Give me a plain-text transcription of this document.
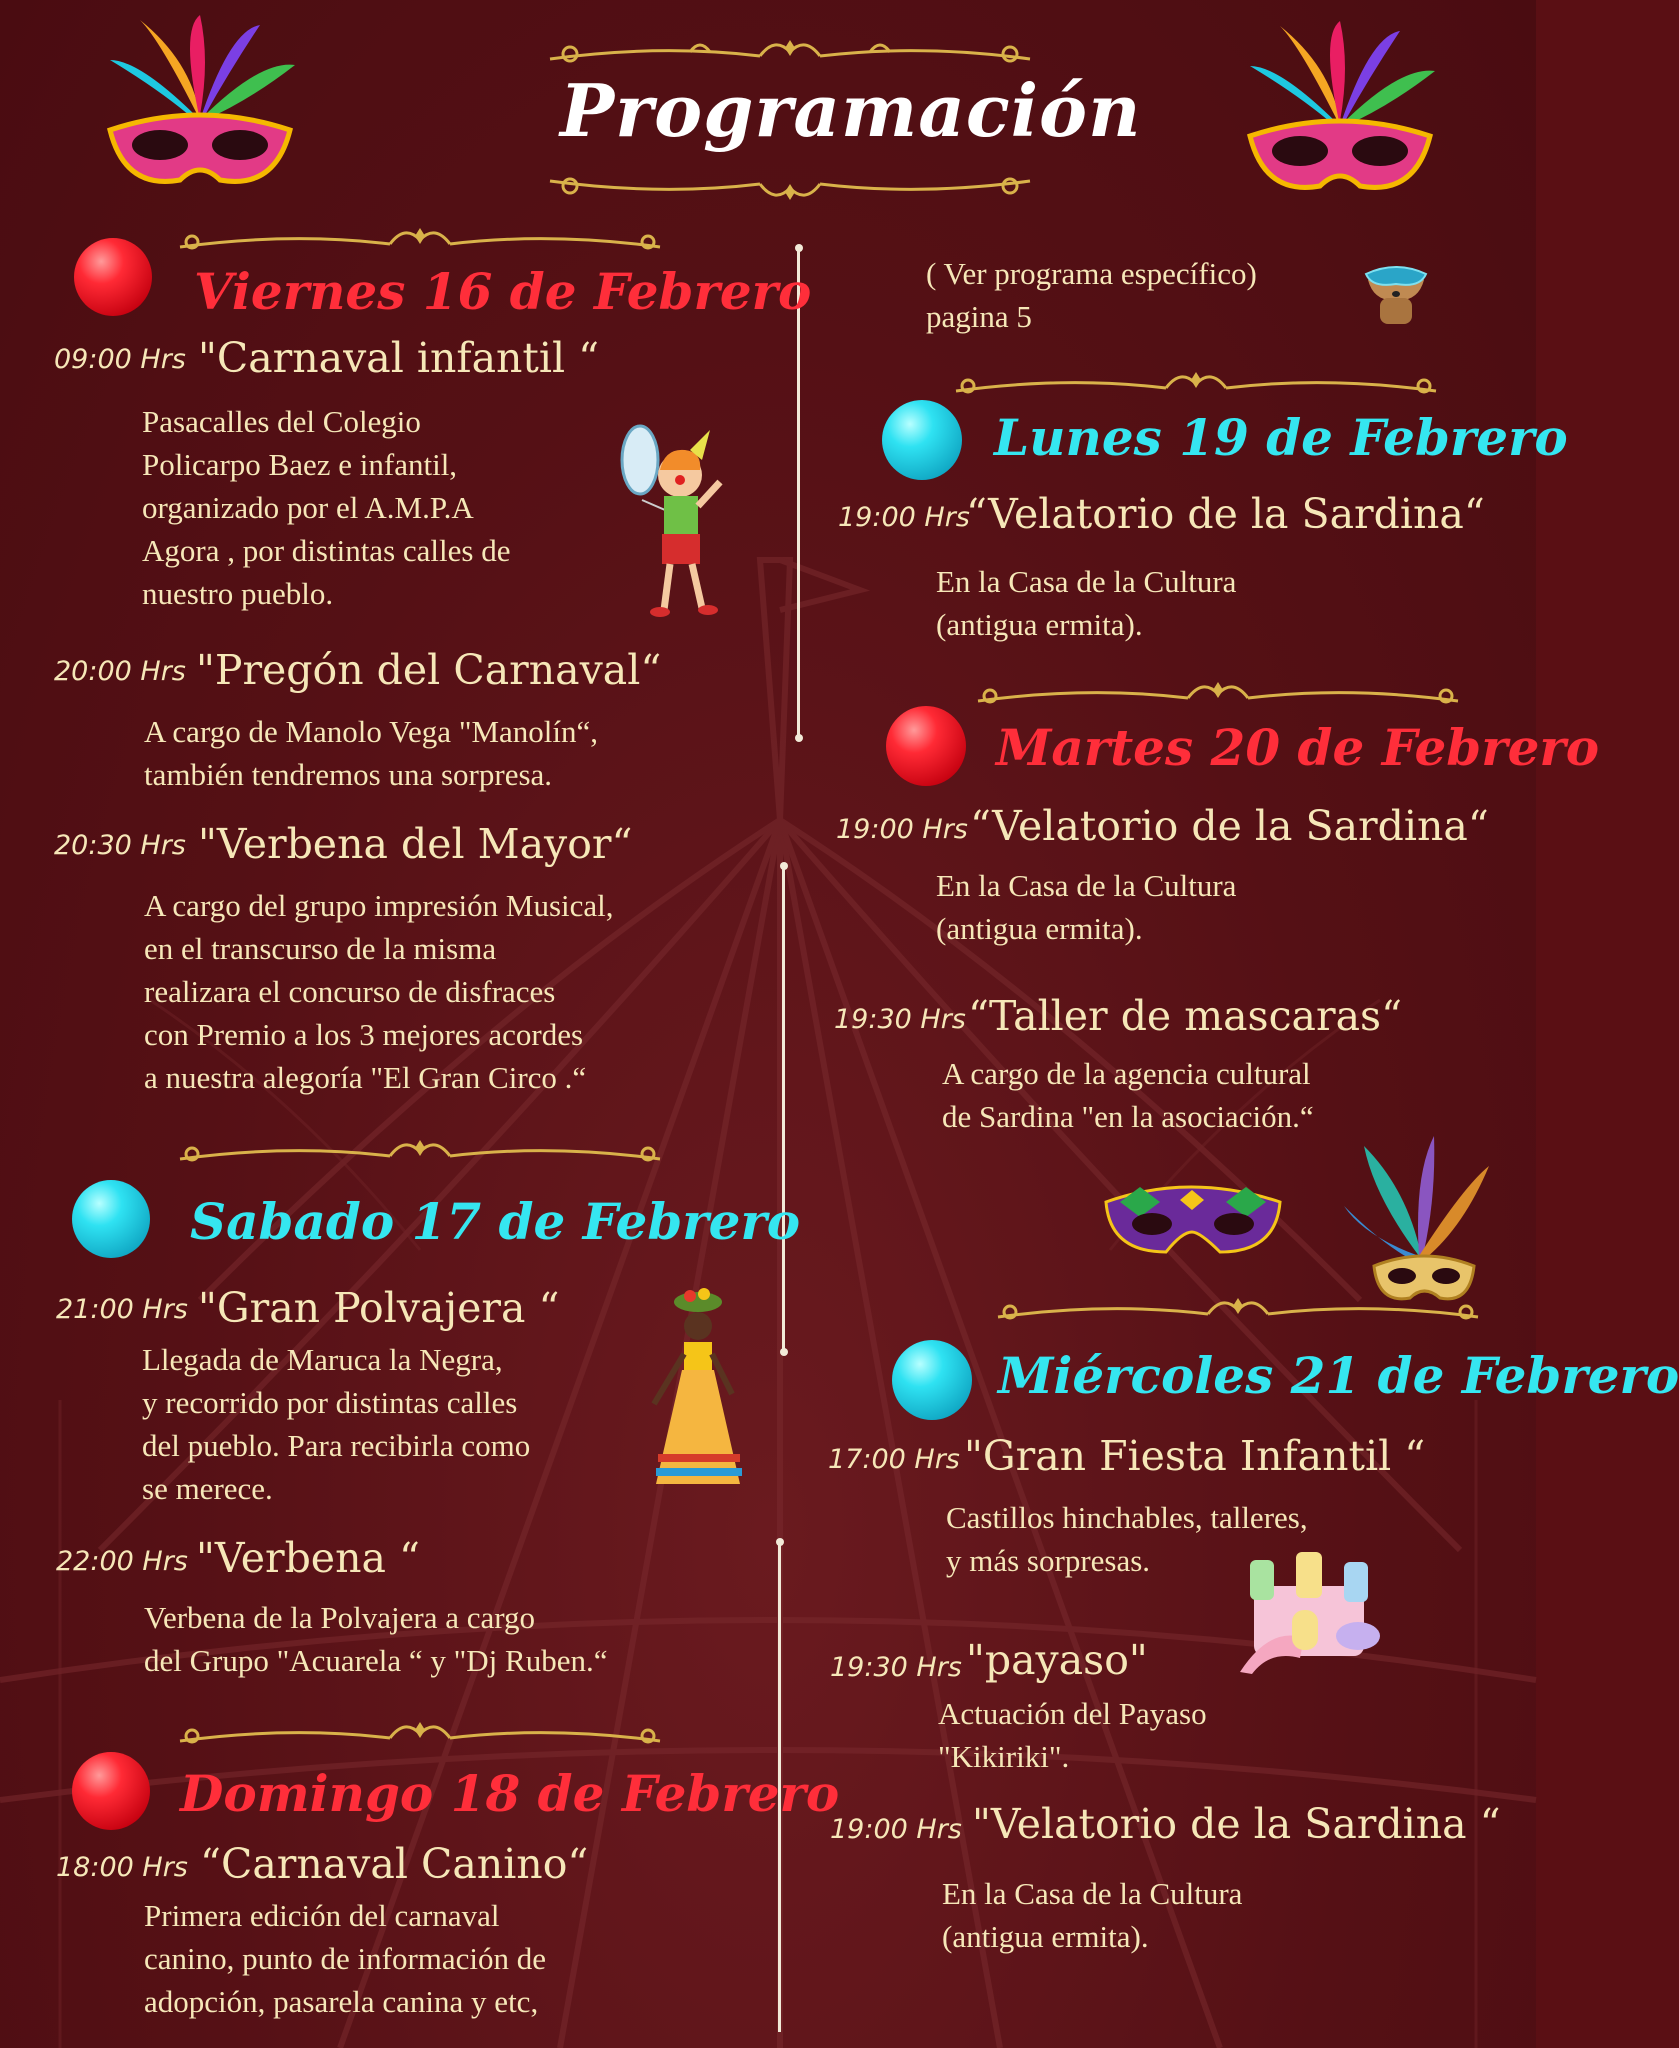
Programación
Viernes 16 de Febrero
09:00 Hrs "Carnaval infantil “
Pasacalles del Colegio
Policarpo Baez e infantil,
organizado por el A.M.P.A
Agora , por distintas calles de
nuestro pueblo.
20:00 Hrs "Pregón del Carnaval“
A cargo de Manolo Vega "Manolín“,
también tendremos una sorpresa.
20:30 Hrs "Verbena del Mayor“
A cargo del grupo impresión Musical,
en el transcurso de la misma
realizara el concurso de disfraces
con Premio a los 3 mejores acordes
a nuestra alegoría "El Gran Circo .“
Sabado 17 de Febrero
21:00 Hrs "Gran Polvajera “
Llegada de Maruca la Negra,
y recorrido por distintas calles
del pueblo. Para recibirla como
se merece.
22:00 Hrs "Verbena “
Verbena de la Polvajera a cargo
del Grupo "Acuarela “ y "Dj Ruben.“
Domingo 18 de Febrero
18:00 Hrs “Carnaval Canino“
Primera edición del carnaval
canino, punto de información de
adopción, pasarela canina y etc,
( Ver programa específico)
pagina 5
Lunes 19 de Febrero
19:00 Hrs
“Velatorio de la Sardina“
En la Casa de la Cultura
(antigua ermita).
Martes 20 de Febrero
19:00 Hrs “Velatorio de la Sardina“
En la Casa de la Cultura
(antigua ermita).
19:30 Hrs “Taller de mascaras“
A cargo de la agencia cultural
de Sardina "en la asociación.“
Miércoles 21 de Febrero
17:00 Hrs "Gran Fiesta Infantil “
Castillos hinchables, talleres,
y más sorpresas.
19:30 Hrs "payaso"
Actuación del Payaso
"Kikiriki".
19:00 Hrs "Velatorio de la Sardina “
En la Casa de la Cultura
(antigua ermita).
